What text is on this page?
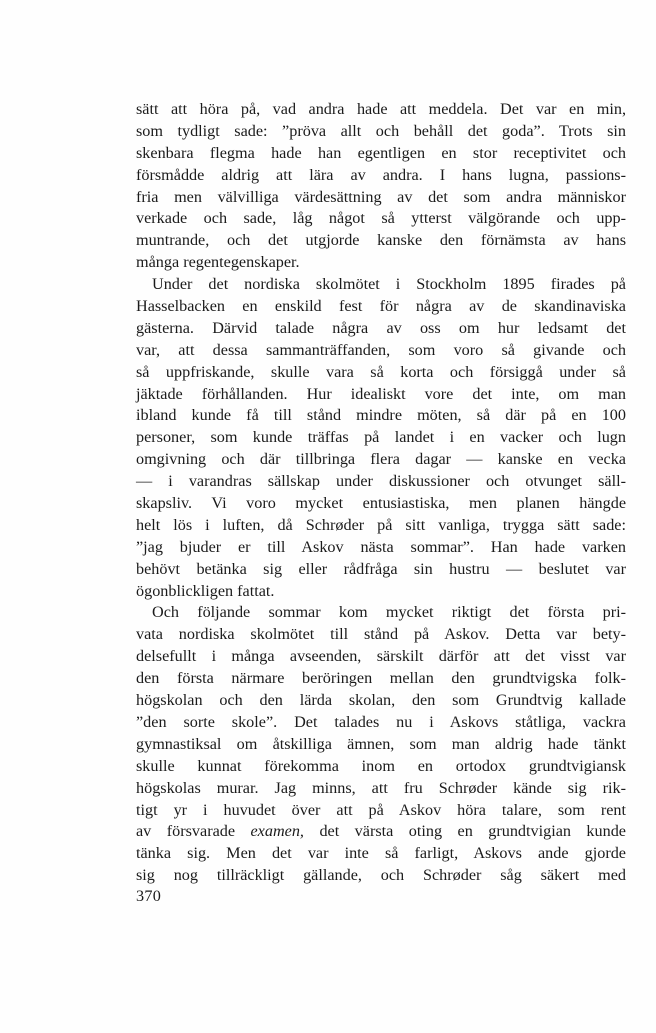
sätt att höra på, vad andra hade att meddela. Det var en min,
som tydligt sade: ”pröva allt och behåll det goda”. Trots sin
skenbara flegma hade han egentligen en stor receptivitet och
försmådde aldrig att lära av andra. I hans lugna, passions-
fria men välvilliga värdesättning av det som andra människor
verkade och sade, låg något så ytterst välgörande och upp-
muntrande, och det utgjorde kanske den förnämsta av hans
många regentegenskaper.
Under det nordiska skolmötet i Stockholm 1895 firades på
Hasselbacken en enskild fest för några av de skandinaviska
gästerna. Därvid talade några av oss om hur ledsamt det
var, att dessa sammanträffanden, som voro så givande och
så uppfriskande, skulle vara så korta och försiggå under så
jäktade förhållanden. Hur idealiskt vore det inte, om man
ibland kunde få till stånd mindre möten, så där på en 100
personer, som kunde träffas på landet i en vacker och lugn
omgivning och där tillbringa flera dagar — kanske en vecka
— i varandras sällskap under diskussioner och otvunget säll-
skapsliv. Vi voro mycket entusiastiska, men planen hängde
helt lös i luften, då Schrøder på sitt vanliga, trygga sätt sade:
”jag bjuder er till Askov nästa sommar”. Han hade varken
behövt betänka sig eller rådfråga sin hustru — beslutet var
ögonblickligen fattat.
Och följande sommar kom mycket riktigt det första pri-
vata nordiska skolmötet till stånd på Askov. Detta var bety-
delsefullt i många avseenden, särskilt därför att det visst var
den första närmare beröringen mellan den grundtvigska folk-
högskolan och den lärda skolan, den som Grundtvig kallade
”den sorte skole”. Det talades nu i Askovs ståtliga, vackra
gymnastiksal om åtskilliga ämnen, som man aldrig hade tänkt
skulle kunnat förekomma inom en ortodox grundtvigiansk
högskolas murar. Jag minns, att fru Schrøder kände sig rik-
tigt yr i huvudet över att på Askov höra talare, som rent
av försvarade examen, det värsta oting en grundtvigian kunde
tänka sig. Men det var inte så farligt, Askovs ande gjorde
sig nog tillräckligt gällande, och Schrøder såg säkert med
370
